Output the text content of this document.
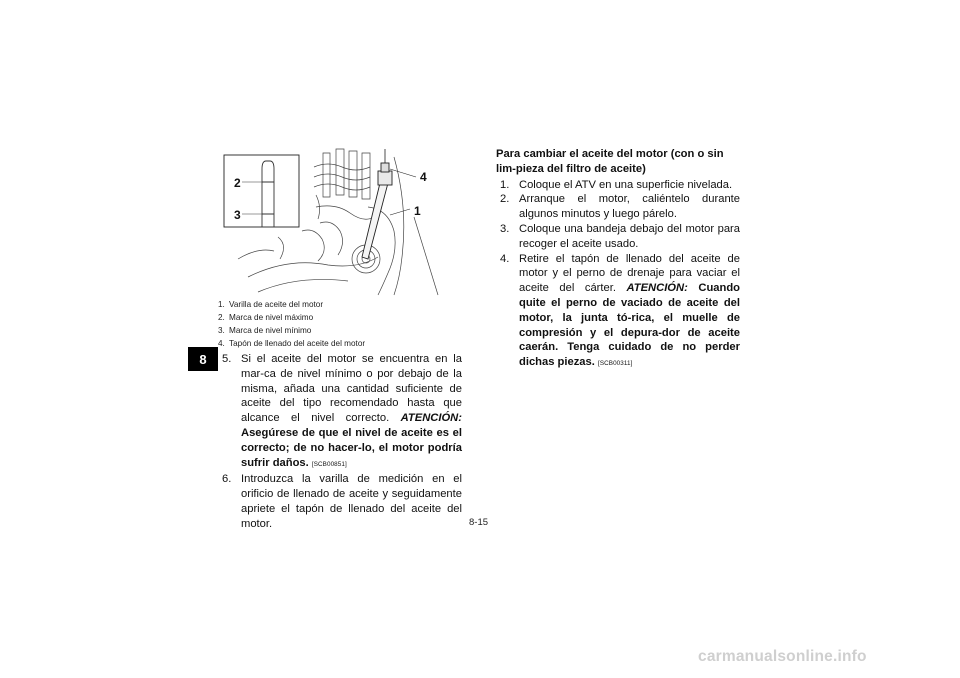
8
2
3
4
1
1. Varilla de aceite del motor
2. Marca de nivel máximo
3. Marca de nivel mínimo
4. Tapón de llenado del aceite del motor
5. Si el aceite del motor se encuentra en la mar-ca de nivel mínimo o por debajo de la misma, añada una cantidad suficiente de aceite del tipo recomendado hasta que alcance el nivel correcto. ATENCIÓN: Asegúrese de que el nivel de aceite es el correcto; de no hacer-lo, el motor podría sufrir daños. [SCB00851]
6. Introduzca la varilla de medición en el orificio de llenado de aceite y seguidamente apriete el tapón de llenado del aceite del motor.
Para cambiar el aceite del motor (con o sin lim-pieza del filtro de aceite)
1. Coloque el ATV en una superficie nivelada.
2. Arranque el motor, caliéntelo durante algunos minutos y luego párelo.
3. Coloque una bandeja debajo del motor para recoger el aceite usado.
4. Retire el tapón de llenado del aceite de motor y el perno de drenaje para vaciar el aceite del cárter. ATENCIÓN: Cuando quite el perno de vaciado de aceite del motor, la junta tó-rica, el muelle de compresión y el depura-dor de aceite caerán. Tenga cuidado de no perder dichas piezas. [SCB00311]
8-15
carmanualsonline.info
